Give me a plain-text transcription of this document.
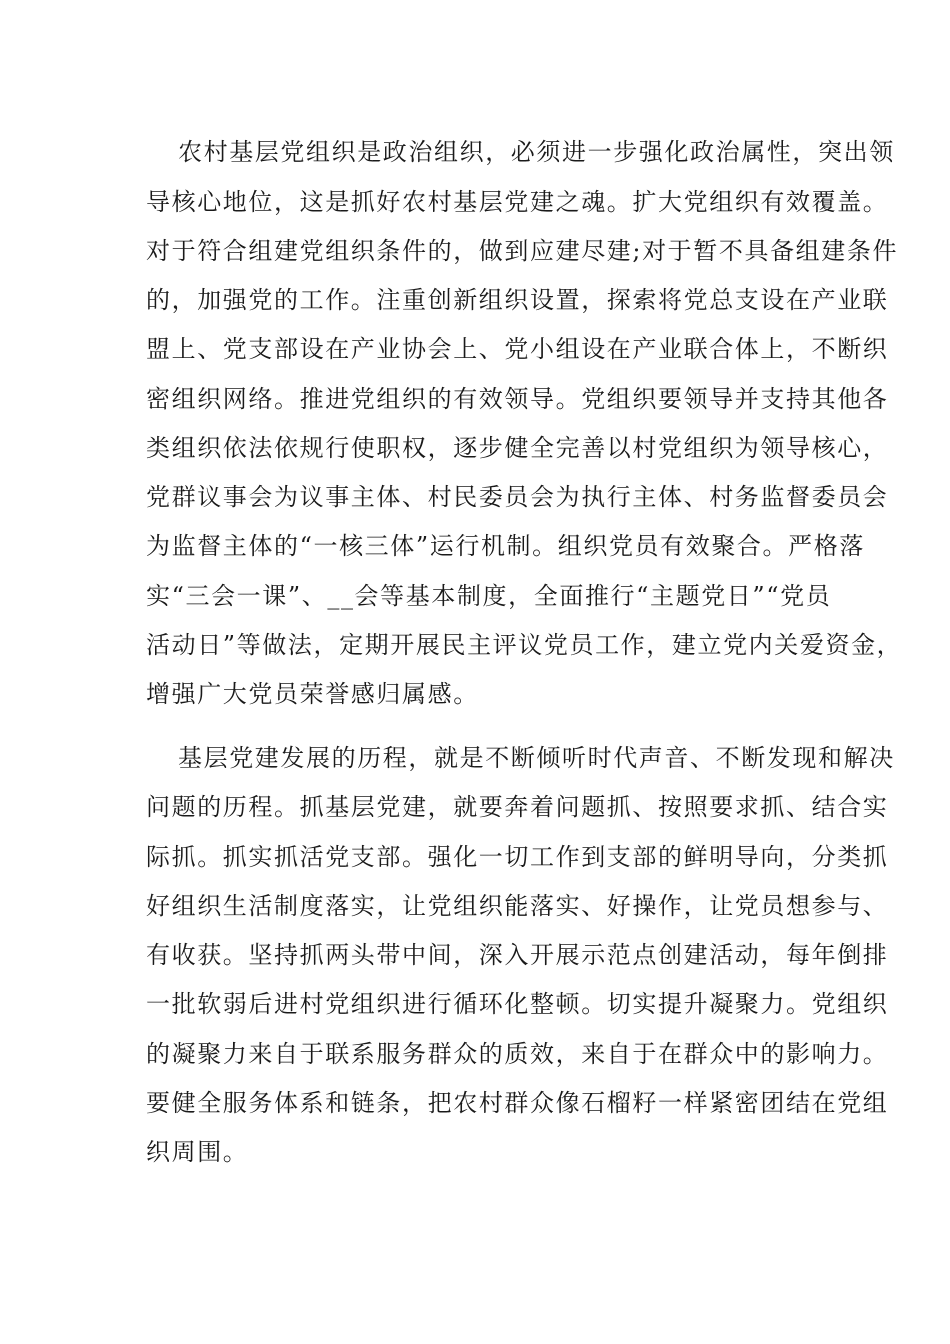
农村基层党组织是政治组织，必须进一步强化政治属性，突出领
导核心地位，这是抓好农村基层党建之魂。扩大党组织有效覆盖。
对于符合组建党组织条件的，做到应建尽建;对于暂不具备组建条件
的，加强党的工作。注重创新组织设置，探索将党总支设在产业联
盟上、党支部设在产业协会上、党小组设在产业联合体上，不断织
密组织网络。推进党组织的有效领导。党组织要领导并支持其他各
类组织依法依规行使职权，逐步健全完善以村党组织为领导核心，
党群议事会为议事主体、村民委员会为执行主体、村务监督委员会
为监督主体的“一核三体”运行机制。组织党员有效聚合。严格落
实“三会一课”、__会等基本制度，全面推行“主题党日”“党员
活动日”等做法，定期开展民主评议党员工作，建立党内关爱资金，
增强广大党员荣誉感归属感。
基层党建发展的历程，就是不断倾听时代声音、不断发现和解决
问题的历程。抓基层党建，就要奔着问题抓、按照要求抓、结合实
际抓。抓实抓活党支部。强化一切工作到支部的鲜明导向，分类抓
好组织生活制度落实，让党组织能落实、好操作，让党员想参与、
有收获。坚持抓两头带中间，深入开展示范点创建活动，每年倒排
一批软弱后进村党组织进行循环化整顿。切实提升凝聚力。党组织
的凝聚力来自于联系服务群众的质效，来自于在群众中的影响力。
要健全服务体系和链条，把农村群众像石榴籽一样紧密团结在党组
织周围。
